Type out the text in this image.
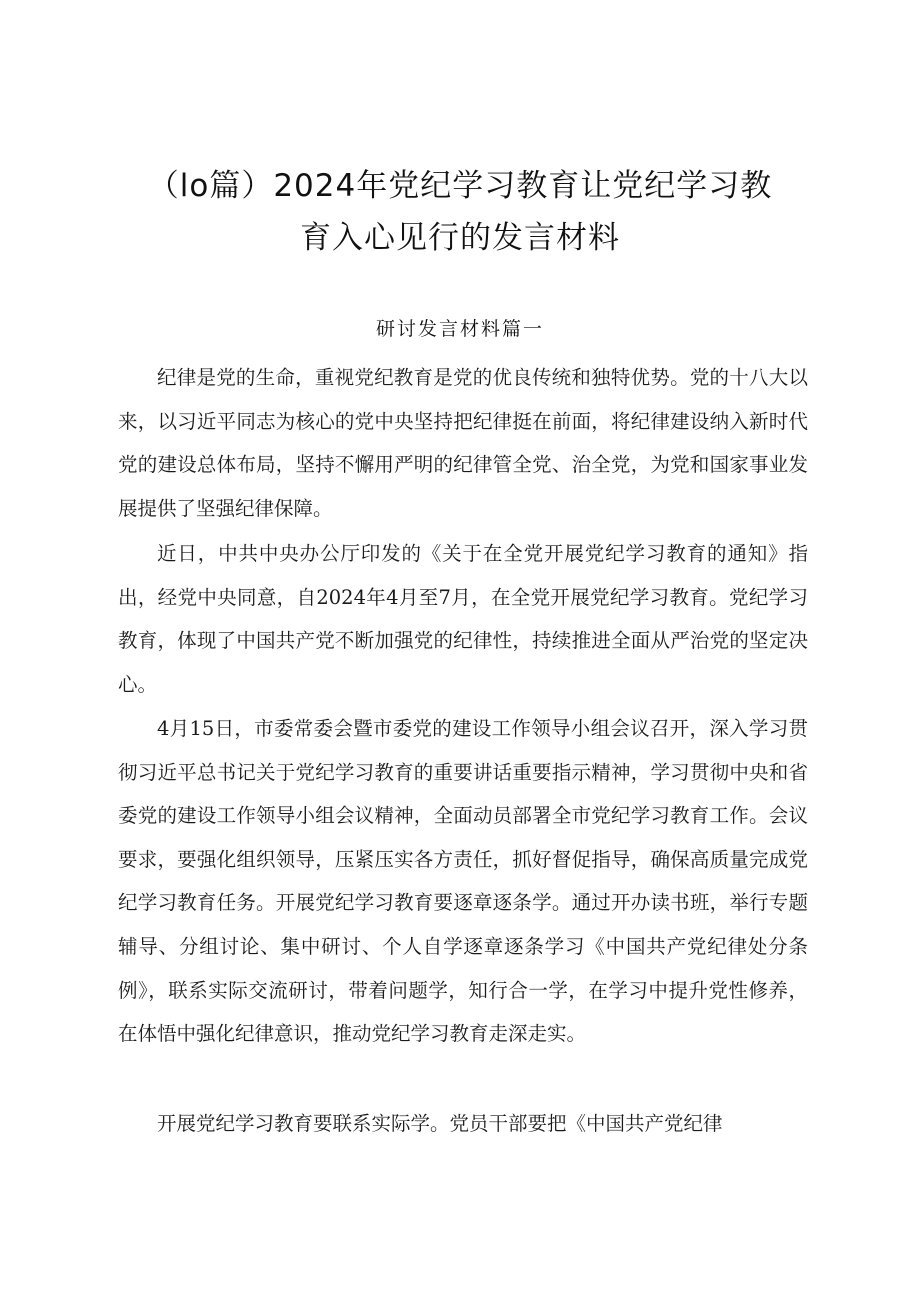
（lo篇）2024年党纪学习教育让党纪学习教
育入心见行的发言材料
研讨发言材料篇一

纪律是党的生命，重视党纪教育是党的优良传统和独特优势。党的十八大以来，以习近平同志为核心的党中央坚持把纪律挺在前面，将纪律建设纳入新时代党的建设总体布局，坚持不懈用严明的纪律管全党、治全党，为党和国家事业发展提供了坚强纪律保障。

近日，中共中央办公厅印发的《关于在全党开展党纪学习教育的通知》指出，经党中央同意，自2024年4月至7月，在全党开展党纪学习教育。党纪学习教育，体现了中国共产党不断加强党的纪律性，持续推进全面从严治党的坚定决心。

4月15日，市委常委会暨市委党的建设工作领导小组会议召开，深入学习贯彻习近平总书记关于党纪学习教育的重要讲话重要指示精神，学习贯彻中央和省委党的建设工作领导小组会议精神，全面动员部署全市党纪学习教育工作。会议要求，要强化组织领导，压紧压实各方责任，抓好督促指导，确保高质量完成党纪学习教育任务。开展党纪学习教育要逐章逐条学。通过开办读书班，举行专题辅导、分组讨论、集中研讨、个人自学逐章逐条学习《中国共产党纪律处分条例》，联系实际交流研讨，带着问题学，知行合一学，在学习中提升党性修养，在体悟中强化纪律意识，推动党纪学习教育走深走实。

开展党纪学习教育要联系实际学。党员干部要把《中国共产党纪律
